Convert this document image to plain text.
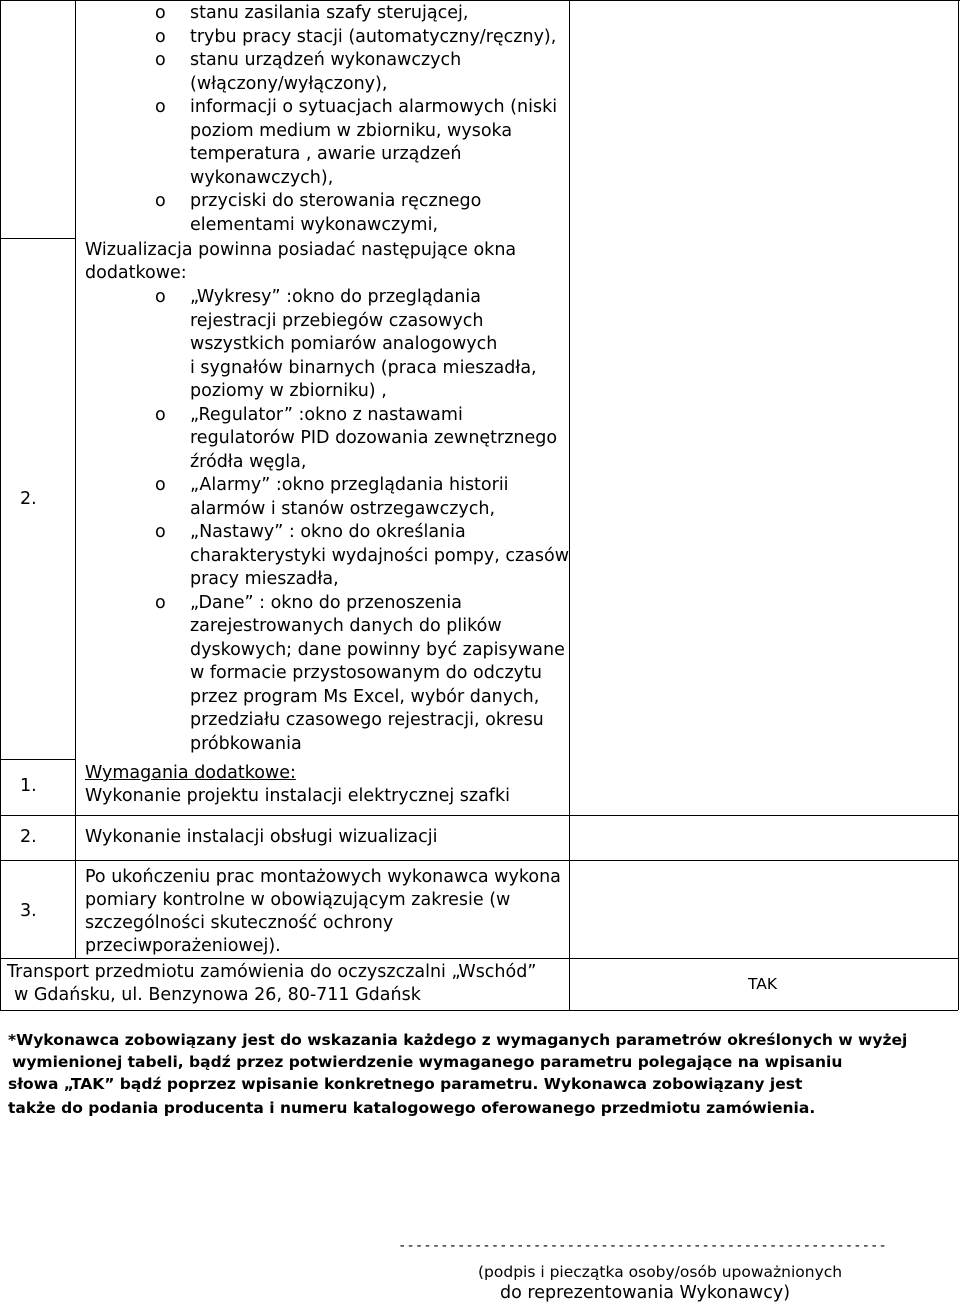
2.
o stanu zasilania szafy sterującej,
o trybu pracy stacji (automatyczny/ręczny),
o stanu urządzeń wykonawczych
(włączony/wyłączony),
o informacji o sytuacjach alarmowych (niski
poziom medium w zbiorniku, wysoka
temperatura , awarie urządzeń
wykonawczych),
o przyciski do sterowania ręcznego
elementami wykonawczymi,
Wizualizacja powinna posiadać następujące okna
dodatkowe:
o „Wykresy” :okno do przeglądania
rejestracji przebiegów czasowych
wszystkich pomiarów analogowych
i sygnałów binarnych (praca mieszadła,
poziomy w zbiorniku) ,
o „Regulator” :okno z nastawami
regulatorów PID dozowania zewnętrznego
źródła węgla,
o „Alarmy” :okno przeglądania historii
alarmów i stanów ostrzegawczych,
o „Nastawy” : okno do określania
charakterystyki wydajności pompy, czasów
pracy mieszadła,
o „Dane” : okno do przenoszenia
zarejestrowanych danych do plików
dyskowych; dane powinny być zapisywane
w formacie przystosowanym do odczytu
przez program Ms Excel, wybór danych,
przedziału czasowego rejestracji, okresu
próbkowania
1.
Wymagania dodatkowe:
Wykonanie projektu instalacji elektrycznej szafki
2.	Wykonanie instalacji obsługi wizualizacji
3.
Po ukończeniu prac montażowych wykonawca wykona
pomiary kontrolne w obowiązującym zakresie (w
szczególności skuteczność ochrony
przeciwporażeniowej).
Transport przedmiotu zamówienia do oczyszczalni „Wschód”
w Gdańsku, ul. Benzynowa 26, 80-711 Gdańsk
TAK
*Wykonawca zobowiązany jest do wskazania każdego z wymaganych parametrów określonych w wyżej
wymienionej tabeli, bądź przez potwierdzenie wymaganego parametru polegające na wpisaniu
słowa „TAK” bądź poprzez wpisanie konkretnego parametru. Wykonawca zobowiązany jest
także do podania producenta i numeru katalogowego oferowanego przedmiotu zamówienia.
----------------------------------------------------------
(podpis i pieczątka osoby/osób upoważnionych
do reprezentowania Wykonawcy)
